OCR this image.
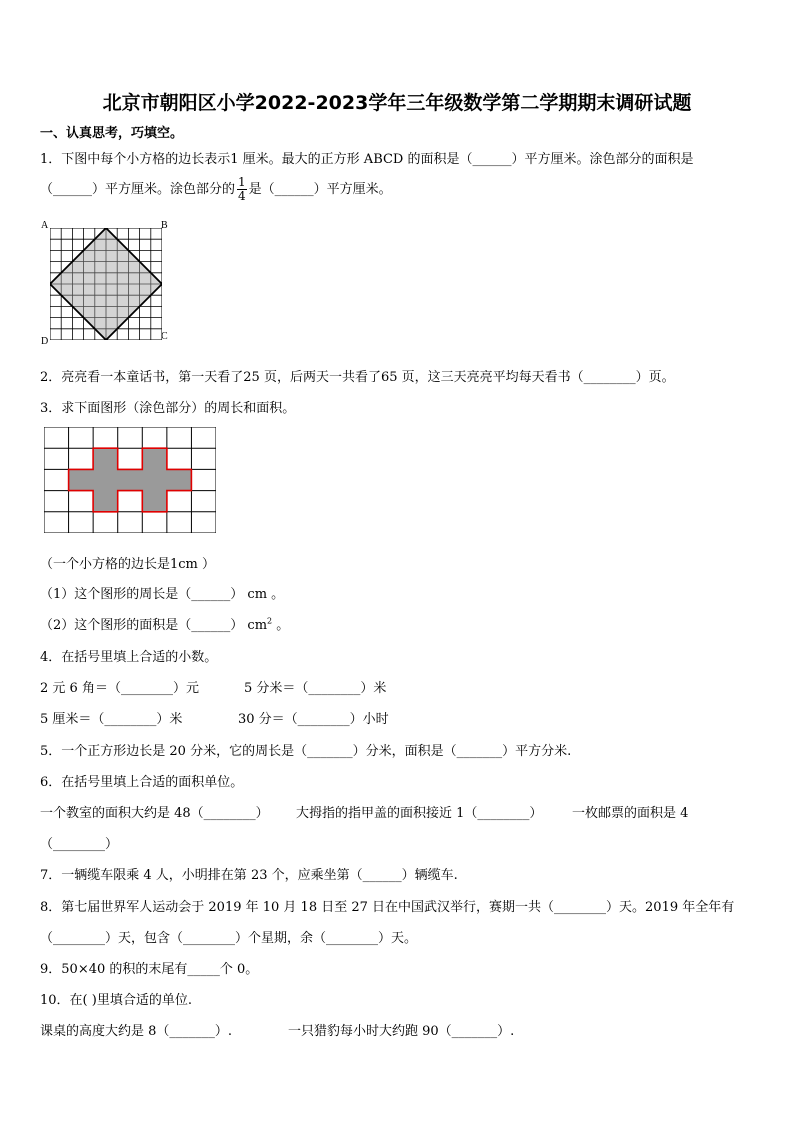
北京市朝阳区小学2022-2023学年三年级数学第二学期期末调研试题
一、认真思考，巧填空。
1．下图中每个小方格的边长表示1 厘米。最大的正方形 ABCD 的面积是（______）平方厘米。涂色部分的面积是
（______）平方厘米。涂色部分的 $\frac{1}{4}$ 是（______）平方厘米。
A	B
C
D
2．亮亮看一本童话书，第一天看了25 页，后两天一共看了65 页，这三天亮亮平均每天看书（________）页。
3．求下面图形（涂色部分）的周长和面积。
（一个小方格的边长是1cm ）
（1）这个图形的周长是（______） cm 。
（2）这个图形的面积是（______） $cm^2$ 。
4．在括号里填上合适的小数。
2 元 6 角＝（________）元	5 分米＝（________）米
5 厘米＝（________）米	30 分＝（________）小时
5．一个正方形边长是 20 分米，它的周长是（_______）分米，面积是（_______）平方分米.
6．在括号里填上合适的面积单位。
一个教室的面积大约是 48（________） 大拇指的指甲盖的面积接近 1（________） 一枚邮票的面积是 4
（________）
7．一辆缆车限乘 4 人，小明排在第 23 个，应乘坐第（______）辆缆车.
8．第七届世界军人运动会于 2019 年 10 月 18 日至 27 日在中国武汉举行，赛期一共（________）天。2019 年全年有
（________）天，包含（________）个星期，余（________）天。
9．50×40 的积的末尾有_____个 0。
10．在( )里填合适的单位.
课桌的高度大约是 8（_______）.	一只猎豹每小时大约跑 90（_______）.
